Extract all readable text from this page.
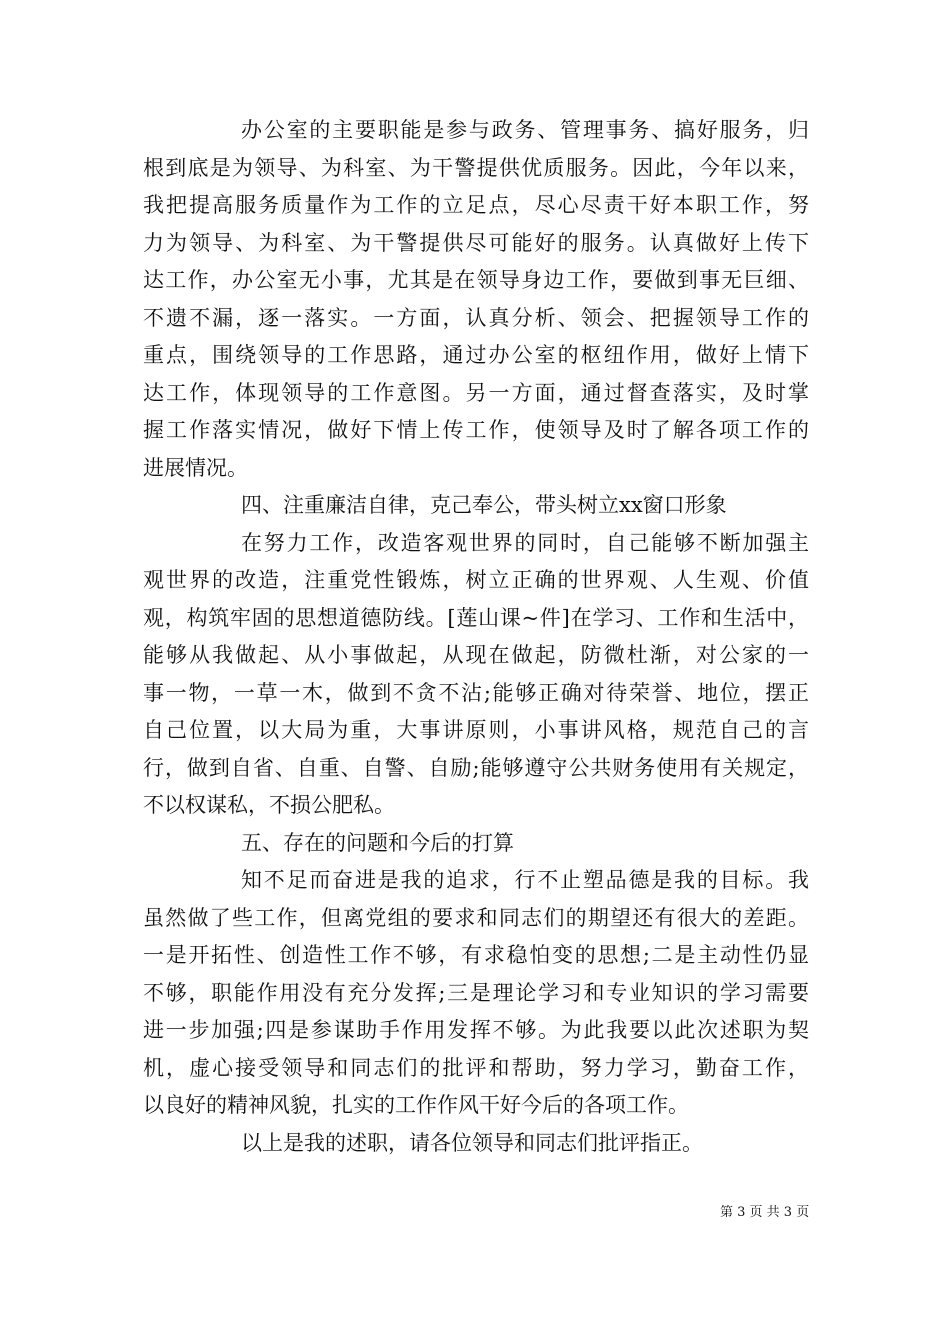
办公室的主要职能是参与政务、管理事务、搞好服务，归
根到底是为领导、为科室、为干警提供优质服务。因此，今年以来，
我把提高服务质量作为工作的立足点，尽心尽责干好本职工作，努
力为领导、为科室、为干警提供尽可能好的服务。认真做好上传下
达工作，办公室无小事，尤其是在领导身边工作，要做到事无巨细、
不遗不漏，逐一落实。一方面，认真分析、领会、把握领导工作的
重点，围绕领导的工作思路，通过办公室的枢纽作用，做好上情下
达工作，体现领导的工作意图。另一方面，通过督查落实，及时掌
握工作落实情况，做好下情上传工作，使领导及时了解各项工作的
进展情况。
四、注重廉洁自律，克己奉公，带头树立xx窗口形象
在努力工作，改造客观世界的同时，自己能够不断加强主
观世界的改造，注重党性锻炼，树立正确的世界观、人生观、价值
观，构筑牢固的思想道德防线。[莲山课~件]在学习、工作和生活中，
能够从我做起、从小事做起，从现在做起，防微杜渐，对公家的一
事一物，一草一木，做到不贪不沾;能够正确对待荣誉、地位，摆正
自己位置，以大局为重，大事讲原则，小事讲风格，规范自己的言
行，做到自省、自重、自警、自励;能够遵守公共财务使用有关规定，
不以权谋私，不损公肥私。
五、存在的问题和今后的打算
知不足而奋进是我的追求，行不止塑品德是我的目标。我
虽然做了些工作，但离党组的要求和同志们的期望还有很大的差距。
一是开拓性、创造性工作不够，有求稳怕变的思想;二是主动性仍显
不够，职能作用没有充分发挥;三是理论学习和专业知识的学习需要
进一步加强;四是参谋助手作用发挥不够。为此我要以此次述职为契
机，虚心接受领导和同志们的批评和帮助，努力学习，勤奋工作，
以良好的精神风貌，扎实的工作作风干好今后的各项工作。
以上是我的述职，请各位领导和同志们批评指正。
第 3 页 共 3 页
